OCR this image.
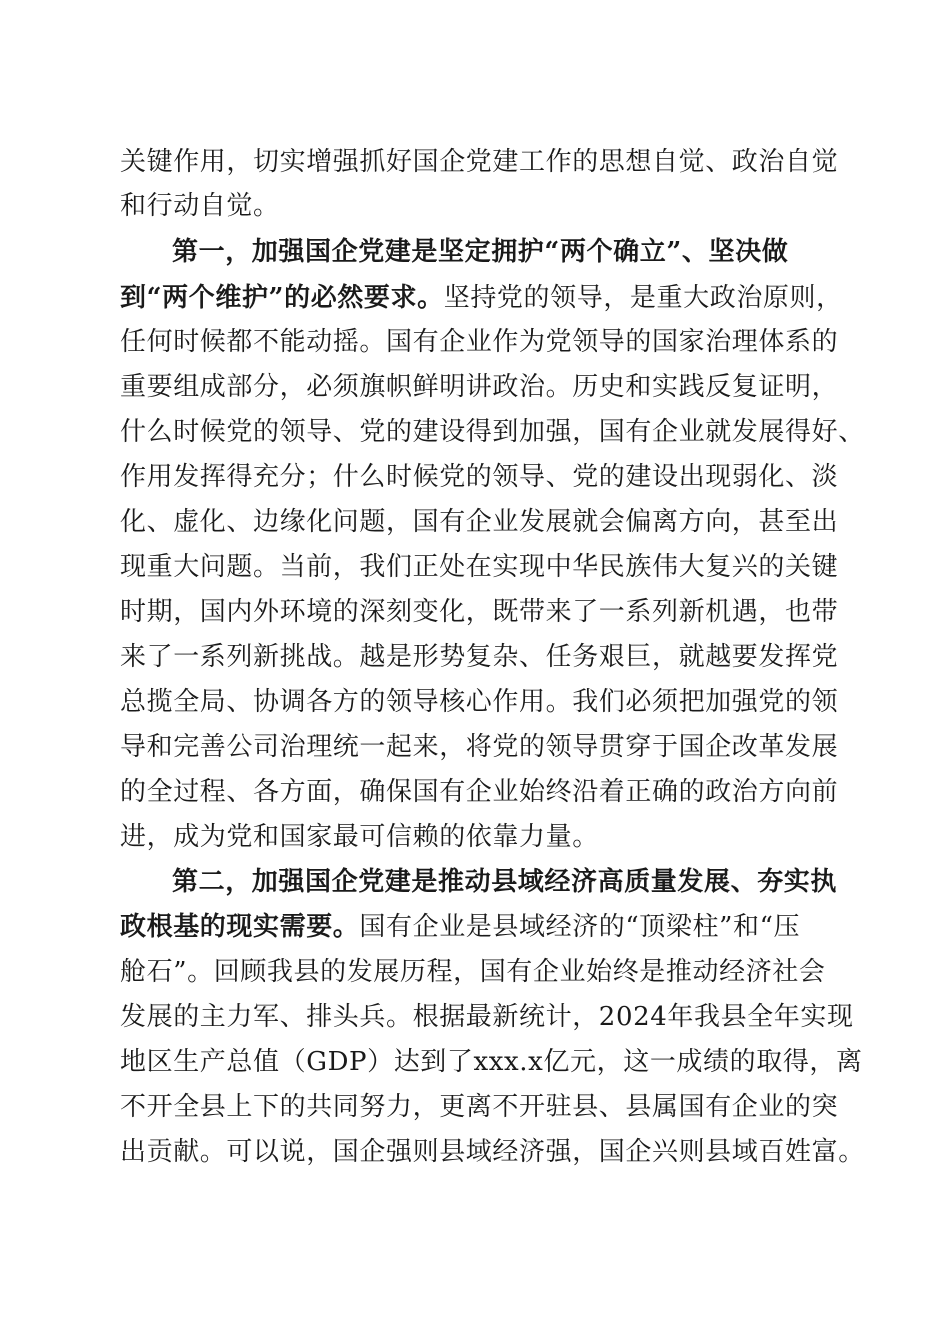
关键作用，切实增强抓好国企党建工作的思想自觉、政治自觉
和行动自觉。
第一，加强国企党建是坚定拥护“两个确立”、坚决做
到“两个维护”的必然要求。坚持党的领导，是重大政治原则，
任何时候都不能动摇。国有企业作为党领导的国家治理体系的
重要组成部分，必须旗帜鲜明讲政治。历史和实践反复证明，
什么时候党的领导、党的建设得到加强，国有企业就发展得好、
作用发挥得充分；什么时候党的领导、党的建设出现弱化、淡
化、虚化、边缘化问题，国有企业发展就会偏离方向，甚至出
现重大问题。当前，我们正处在实现中华民族伟大复兴的关键
时期，国内外环境的深刻变化，既带来了一系列新机遇，也带
来了一系列新挑战。越是形势复杂、任务艰巨，就越要发挥党
总揽全局、协调各方的领导核心作用。我们必须把加强党的领
导和完善公司治理统一起来，将党的领导贯穿于国企改革发展
的全过程、各方面，确保国有企业始终沿着正确的政治方向前
进，成为党和国家最可信赖的依靠力量。
第二，加强国企党建是推动县域经济高质量发展、夯实执
政根基的现实需要。国有企业是县域经济的“顶梁柱”和“压
舱石”。回顾我县的发展历程，国有企业始终是推动经济社会
发展的主力军、排头兵。根据最新统计，2024年我县全年实现
地区生产总值（GDP）达到了xxx.x亿元，这一成绩的取得，离
不开全县上下的共同努力，更离不开驻县、县属国有企业的突
出贡献。可以说，国企强则县域经济强，国企兴则县域百姓富。
